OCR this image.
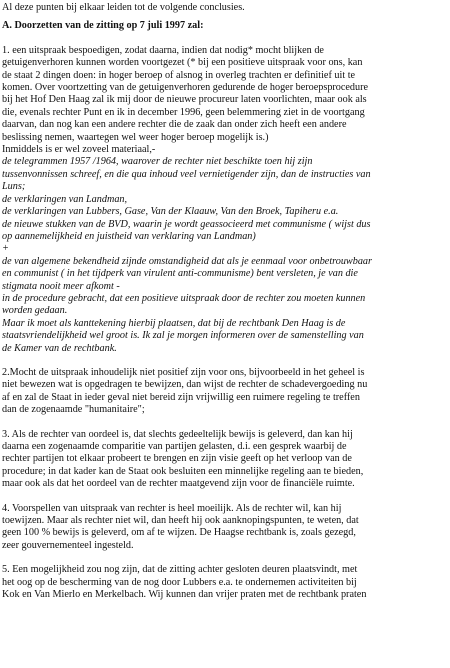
Al deze punten bij elkaar leiden tot de volgende conclusies.
A. Doorzetten van de zitting op 7 juli 1997 zal:
1. een uitspraak bespoedigen, zodat daarna, indien dat nodig* mocht blijken de
getuigenverhoren kunnen worden voortgezet (* bij een positieve uitspraak voor ons, kan
de staat 2 dingen doen: in hoger beroep of alsnog in overleg trachten er definitief uit te
komen. Over voortzetting van de getuigenverhoren gedurende de hoger beroepsprocedure
bij het Hof Den Haag zal ik mij door de nieuwe procureur laten voorlichten, maar ook als
die, evenals rechter Punt en ik in december 1996, geen belemmering ziet in de voortgang
daarvan, dan nog kan een andere rechter die de zaak dan onder zich heeft een andere
beslissing nemen, waartegen wel weer hoger beroep mogelijk is.)
Inmiddels is er wel zoveel materiaal,-
de telegrammen 1957 /1964, waarover de rechter niet beschikte toen hij zijn
tussenvonnissen schreef, en die qua inhoud veel vernietigender zijn, dan de instructies van
Luns;
de verklaringen van Landman,
de verklaringen van Lubbers, Gase, Van der Klaauw, Van den Broek, Tapiheru e.a.
de nieuwe stukken van de BVD, waarin je wordt geassocieerd met communisme ( wijst dus
op aannemelijkheid en juistheid van verklaring van Landman)
+
de van algemene bekendheid zijnde omstandigheid dat als je eenmaal voor onbetrouwbaar
en communist ( in het tijdperk van virulent anti-communisme) bent versleten, je van die
stigmata nooit meer afkomt -
in de procedure gebracht, dat een positieve uitspraak door de rechter zou moeten kunnen
worden gedaan.
Maar ik moet als kanttekening hierbij plaatsen, dat bij de rechtbank Den Haag is de
staatsvriendelijkheid wel groot is. Ik zal je morgen informeren over de samenstelling van
de Kamer van de rechtbank.
2.Mocht de uitspraak inhoudelijk niet positief zijn voor ons, bijvoorbeeld in het geheel is
niet bewezen wat is opgedragen te bewijzen, dan wijst de rechter de schadevergoeding nu
af en zal de Staat in ieder geval niet bereid zijn vrijwillig een ruimere regeling te treffen
dan de zogenaamde "humanitaire";
3. Als de rechter van oordeel is, dat slechts gedeeltelijk bewijs is geleverd, dan kan hij
daarna een zogenaamde comparitie van partijen gelasten, d.i. een gesprek waarbij de
rechter partijen tot elkaar probeert te brengen en zijn visie geeft op het verloop van de
procedure; in dat kader kan de Staat ook besluiten een minnelijke regeling aan te bieden,
maar ook als dat het oordeel van de rechter maatgevend zijn voor de financiële ruimte.
4. Voorspellen van uitspraak van rechter is heel moeilijk. Als de rechter wil, kan hij
toewijzen. Maar als rechter niet wil, dan heeft hij ook aanknopingspunten, te weten, dat
geen 100 % bewijs is geleverd, om af te wijzen. De Haagse rechtbank is, zoals gezegd,
zeer gouvernementeel ingesteld.
5. Een mogelijkheid zou nog zijn, dat de zitting achter gesloten deuren plaatsvindt, met
het oog op de bescherming van de nog door Lubbers e.a. te ondernemen activiteiten bij
Kok en Van Mierlo en Merkelbach. Wij kunnen dan vrijer praten met de rechtbank praten
